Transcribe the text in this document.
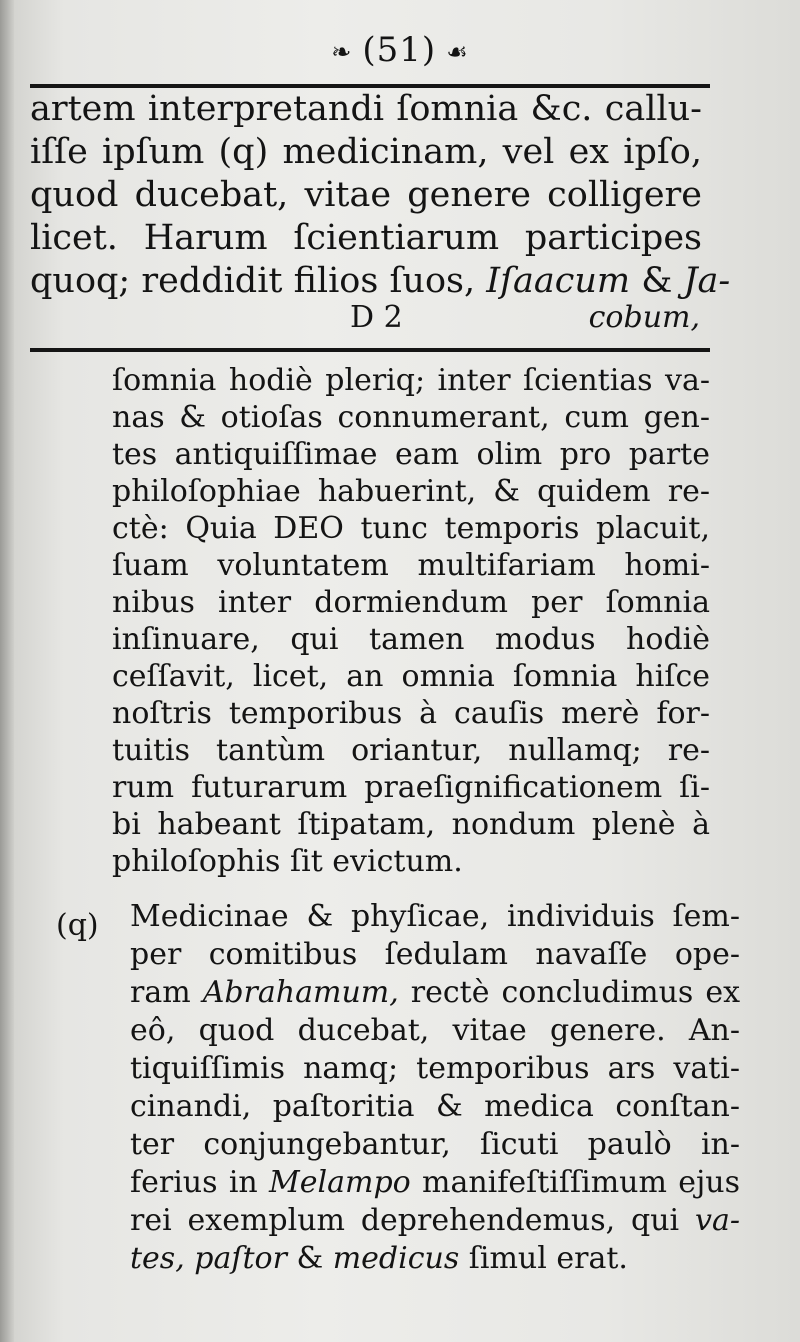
❧ (51) ☙
artem interpretandi ſomnia &c. callu-
iſſe ipſum (q) medicinam, vel ex ipſo,
quod ducebat, vitae genere colligere
licet. Harum ſcientiarum participes
quoq; reddidit filios ſuos, Iſaacum & Ja-
D 2	cobum,
ſomnia hodiè pleriq; inter ſcientias va-
nas & otioſas connumerant, cum gen-
tes antiquiſſimae eam olim pro parte
philoſophiae habuerint, & quidem re-
ctè: Quia DEO tunc temporis placuit,
ſuam voluntatem multifariam homi-
nibus inter dormiendum per ſomnia
inſinuare, qui tamen modus hodiè
ceſſavit, licet, an omnia ſomnia hiſce
noſtris temporibus à cauſis merè for-
tuitis tantùm oriantur, nullamq; re-
rum futurarum praeſignificationem ſi-
bi habeant ſtipatam, nondum plenè à
philoſophis ſit evictum.
(q) Medicinae & phyſicae, individuis ſem-
per comitibus ſedulam navaſſe ope-
ram Abrahamum, rectè concludimus ex
eô, quod ducebat, vitae genere. An-
tiquiſſimis namq; temporibus ars vati-
cinandi, paſtoritia & medica conſtan-
ter conjungebantur, ſicuti paulò in-
ferius in Melampo manifeſtiſſimum ejus
rei exemplum deprehendemus, qui va-
tes, paſtor & medicus ſimul erat.
